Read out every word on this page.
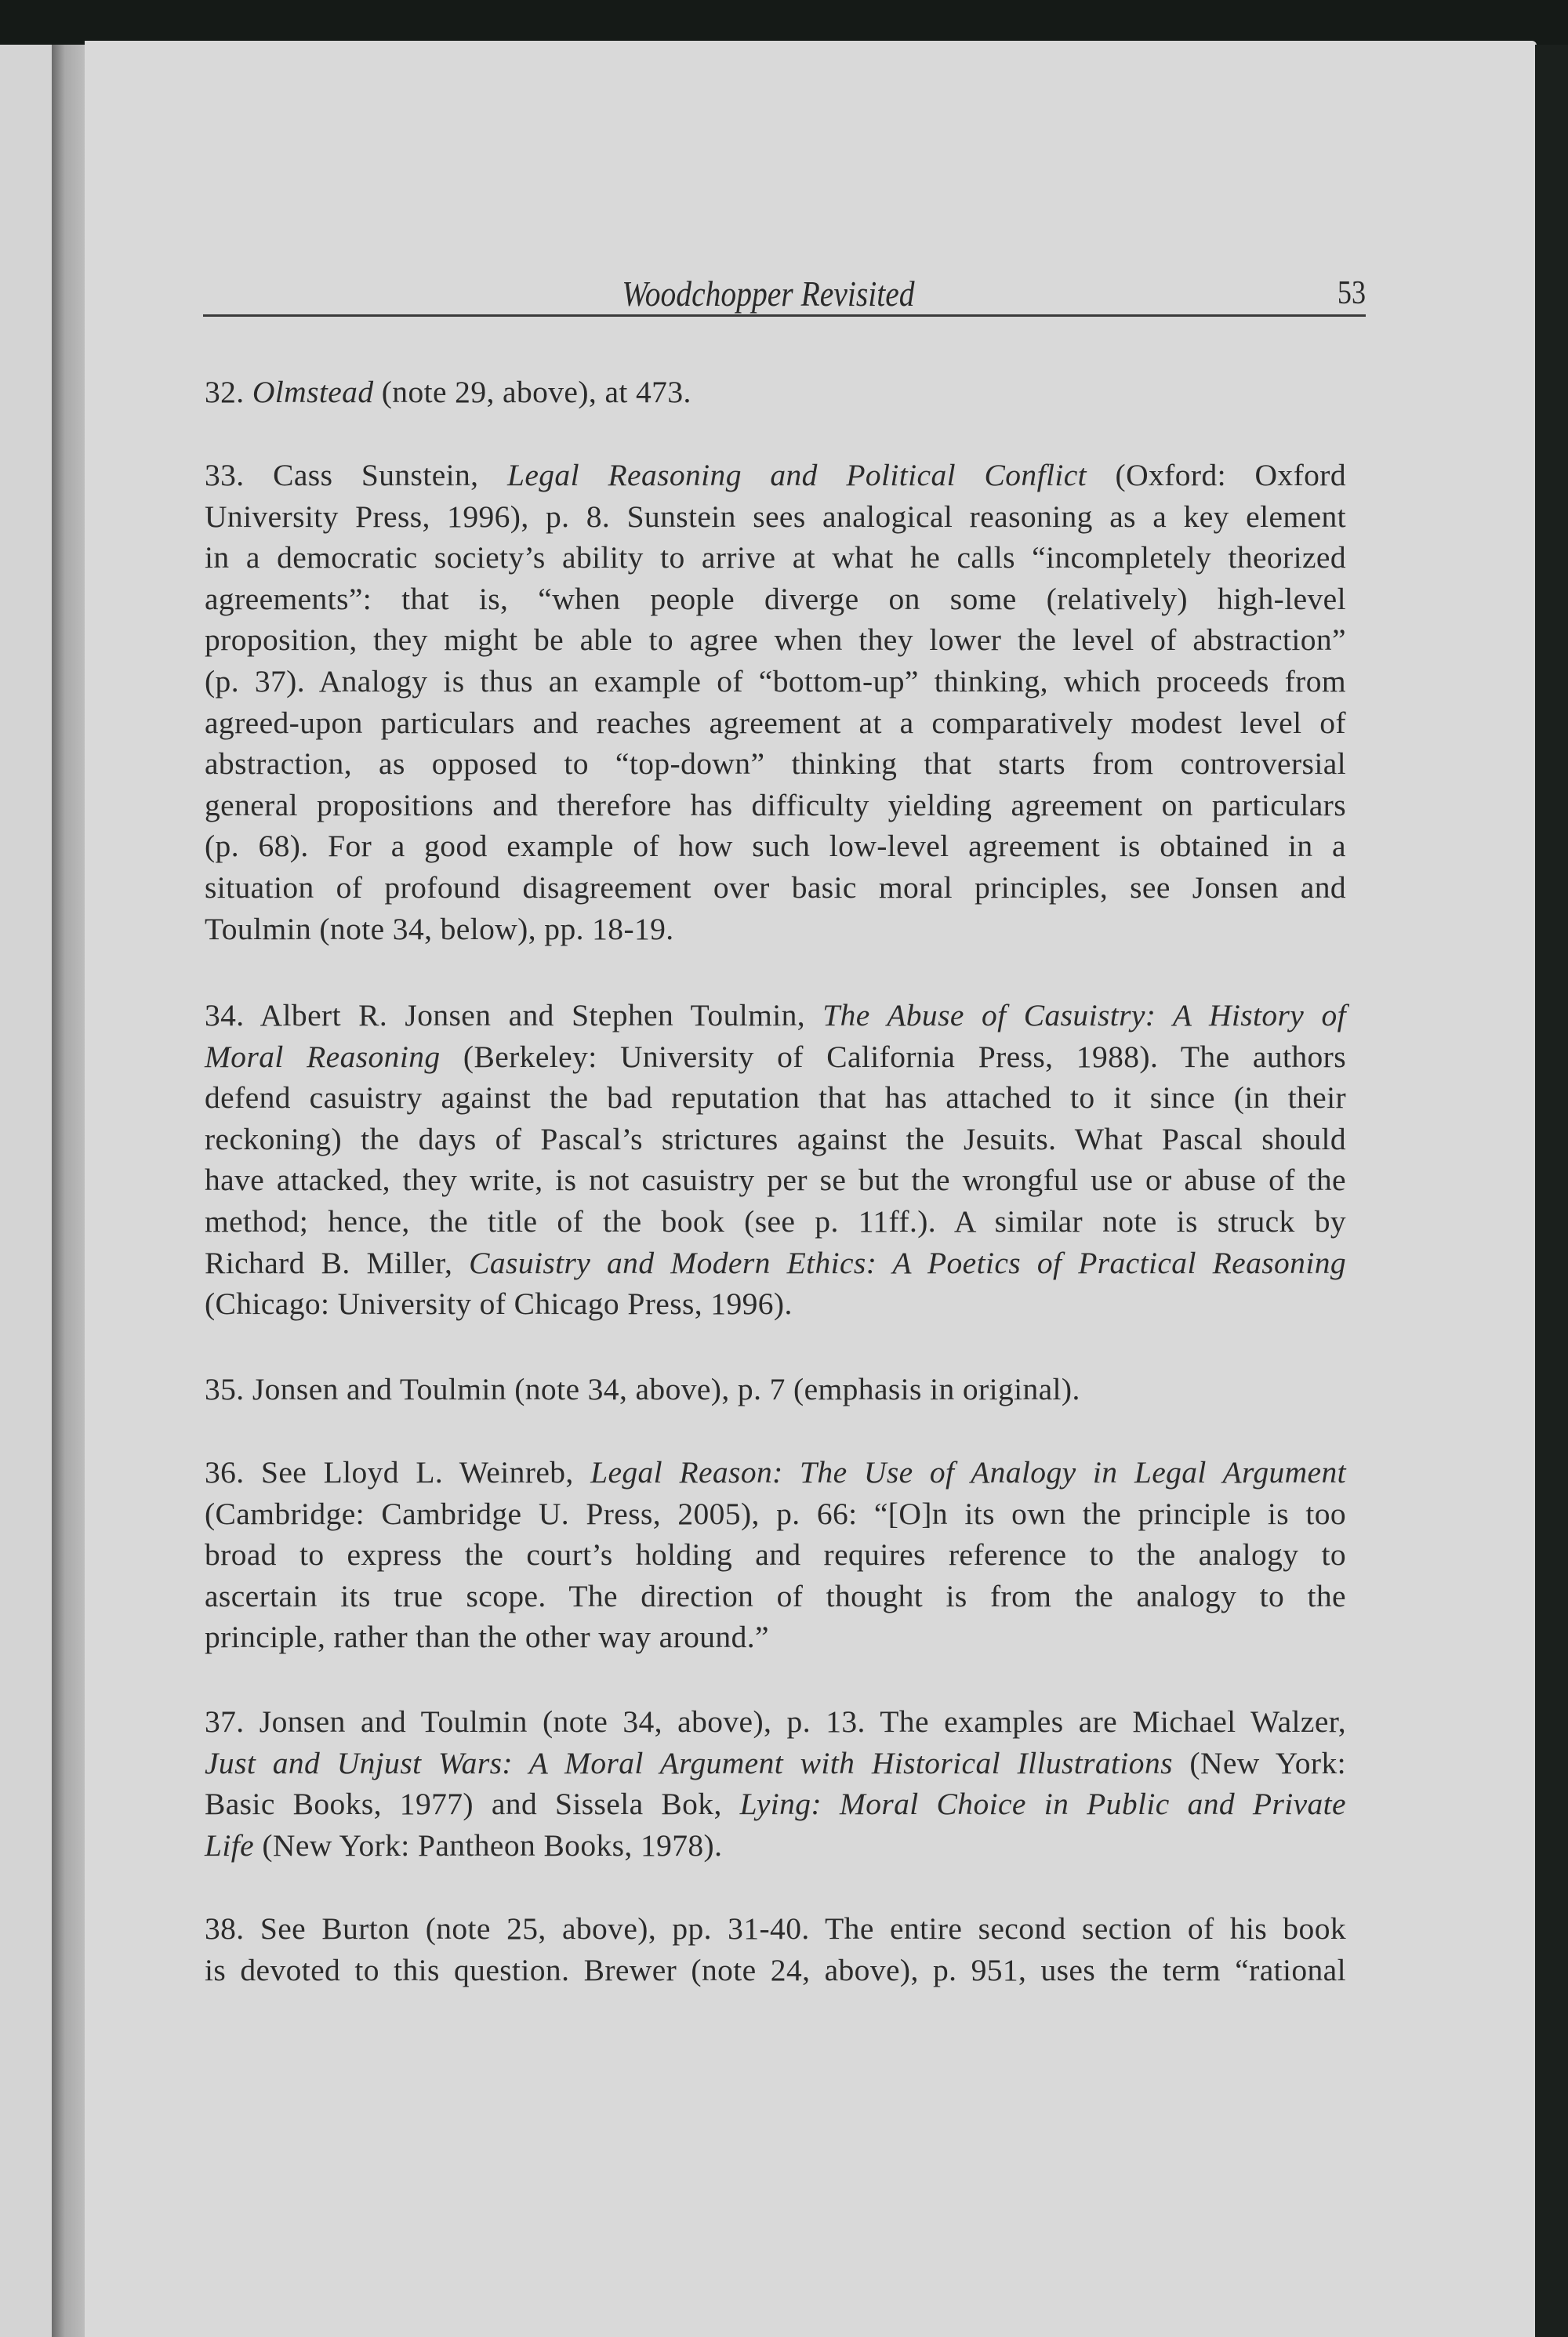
Woodchopper Revisited	53
32. Olmstead (note 29, above), at 473.
33. Cass Sunstein, Legal Reasoning and Political Conflict (Oxford: Oxford
University Press, 1996), p. 8. Sunstein sees analogical reasoning as a key element
in a democratic society’s ability to arrive at what he calls “incompletely theorized
agreements”: that is, “when people diverge on some (relatively) high-level
proposition, they might be able to agree when they lower the level of abstraction”
(p. 37). Analogy is thus an example of “bottom-up” thinking, which proceeds from
agreed-upon particulars and reaches agreement at a comparatively modest level of
abstraction, as opposed to “top-down” thinking that starts from controversial
general propositions and therefore has difficulty yielding agreement on particulars
(p. 68). For a good example of how such low-level agreement is obtained in a
situation of profound disagreement over basic moral principles, see Jonsen and
Toulmin (note 34, below), pp. 18-19.
34. Albert R. Jonsen and Stephen Toulmin, The Abuse of Casuistry: A History of
Moral Reasoning (Berkeley: University of California Press, 1988). The authors
defend casuistry against the bad reputation that has attached to it since (in their
reckoning) the days of Pascal’s strictures against the Jesuits. What Pascal should
have attacked, they write, is not casuistry per se but the wrongful use or abuse of the
method; hence, the title of the book (see p. 11ff.). A similar note is struck by
Richard B. Miller, Casuistry and Modern Ethics: A Poetics of Practical Reasoning
(Chicago: University of Chicago Press, 1996).
35. Jonsen and Toulmin (note 34, above), p. 7 (emphasis in original).
36. See Lloyd L. Weinreb, Legal Reason: The Use of Analogy in Legal Argument
(Cambridge: Cambridge U. Press, 2005), p. 66: “[O]n its own the principle is too
broad to express the court’s holding and requires reference to the analogy to
ascertain its true scope. The direction of thought is from the analogy to the
principle, rather than the other way around.”
37. Jonsen and Toulmin (note 34, above), p. 13. The examples are Michael Walzer,
Just and Unjust Wars: A Moral Argument with Historical Illustrations (New York:
Basic Books, 1977) and Sissela Bok, Lying: Moral Choice in Public and Private
Life (New York: Pantheon Books, 1978).
38. See Burton (note 25, above), pp. 31-40. The entire second section of his book
is devoted to this question. Brewer (note 24, above), p. 951, uses the term “rational
